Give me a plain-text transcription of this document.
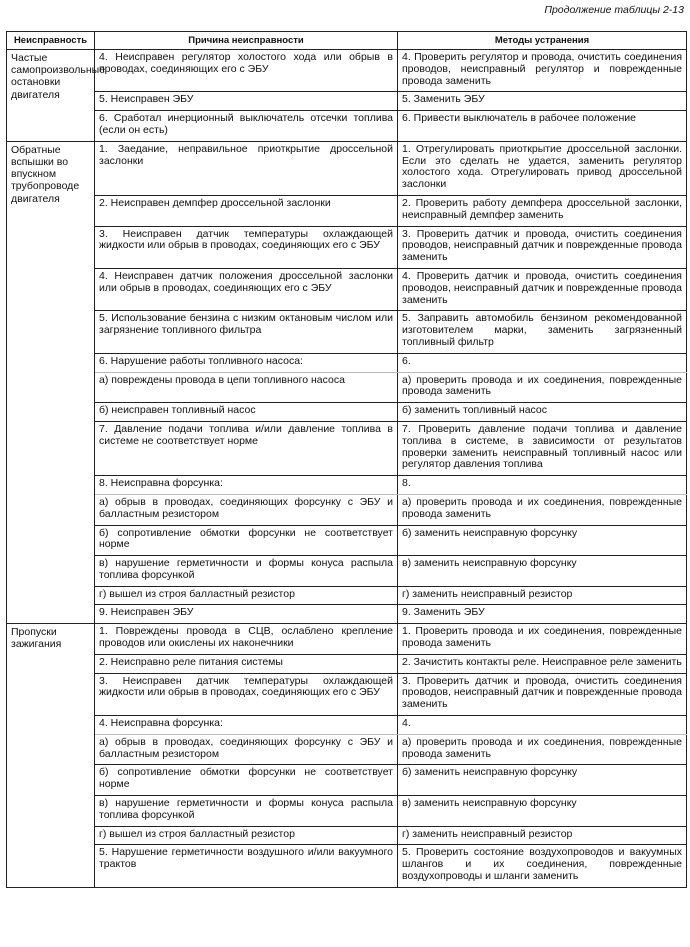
Продолжение таблицы 2-13
Неисправность	Причина неисправности	Методы устранения
Частые самопроизвольные остановки двигателя	4. Неисправен регулятор холостого хода или обрыв в проводах, соединяющих его с ЭБУ	4. Проверить регулятор и провода, очистить соединения проводов, неисправный регулятор и поврежденные провода заменить
	5. Неисправен ЭБУ	5. Заменить ЭБУ
	6. Сработал инерционный выключатель отсечки топлива (если он есть)	6. Привести выключатель в рабочее положение
Обратные вспышки во впускном трубопроводе двигателя	1. Заедание, неправильное приоткрытие дроссельной заслонки	1. Отрегулировать приоткрытие дроссельной заслонки. Если это сделать не удается, заменить регулятор холостого хода. Отрегулировать привод дроссельной заслонки
	2. Неисправен демпфер дроссельной заслонки	2. Проверить работу демпфера дроссельной заслонки, неисправный демпфер заменить
	3. Неисправен датчик температуры охлаждающей жидкости или обрыв в проводах, соединяющих его с ЭБУ	3. Проверить датчик и провода, очистить соединения проводов, неисправный датчик и поврежденные провода заменить
	4. Неисправен датчик положения дроссельной заслонки или обрыв в проводах, соединяющих его с ЭБУ	4. Проверить датчик и провода, очистить соединения проводов, неисправный датчик и поврежденные провода заменить
	5. Использование бензина с низким октановым числом или загрязнение топливного фильтра	5. Заправить автомобиль бензином рекомендованной изготовителем марки, заменить загрязненный топливный фильтр
	6. Нарушение работы топливного насоса:	6.
	а) повреждены провода в цепи топливного насоса	а) проверить провода и их соединения, поврежденные провода заменить
	б) неисправен топливный насос	б) заменить топливный насос
	7. Давление подачи топлива и/или давление топлива в системе не соответствует норме	7. Проверить давление подачи топлива и давление топлива в системе, в зависимости от результатов проверки заменить неисправный топливный насос или регулятор давления топлива
	8. Неисправна форсунка:	8.
	а) обрыв в проводах, соединяющих форсунку с ЭБУ и балластным резистором	а) проверить провода и их соединения, поврежденные провода заменить
	б) сопротивление обмотки форсунки не соответствует норме	б) заменить неисправную форсунку
	в) нарушение герметичности и формы конуса распыла топлива форсункой	в) заменить неисправную форсунку
	г) вышел из строя балластный резистор	г) заменить неисправный резистор
	9. Неисправен ЭБУ	9. Заменить ЭБУ
Пропуски зажигания	1. Повреждены провода в СЦВ, ослаблено крепление проводов или окислены их наконечники	1. Проверить провода и их соединения, поврежденные провода заменить
	2. Неисправно реле питания системы	2. Зачистить контакты реле. Неисправное реле заменить
	3. Неисправен датчик температуры охлаждающей жидкости или обрыв в проводах, соединяющих его с ЭБУ	3. Проверить датчик и провода, очистить соединения проводов, неисправный датчик и поврежденные провода заменить
	4. Неисправна форсунка:	4.
	а) обрыв в проводах, соединяющих форсунку с ЭБУ и балластным резистором	а) проверить провода и их соединения, поврежденные провода заменить
	б) сопротивление обмотки форсунки не соответствует норме	б) заменить неисправную форсунку
	в) нарушение герметичности и формы конуса распыла топлива форсункой	в) заменить неисправную форсунку
	г) вышел из строя балластный резистор	г) заменить неисправный резистор
	5. Нарушение герметичности воздушного и/или вакуумного трактов	5. Проверить состояние воздухопроводов и вакуумных шлангов и их соединения, поврежденные воздухопроводы и шланги заменить
